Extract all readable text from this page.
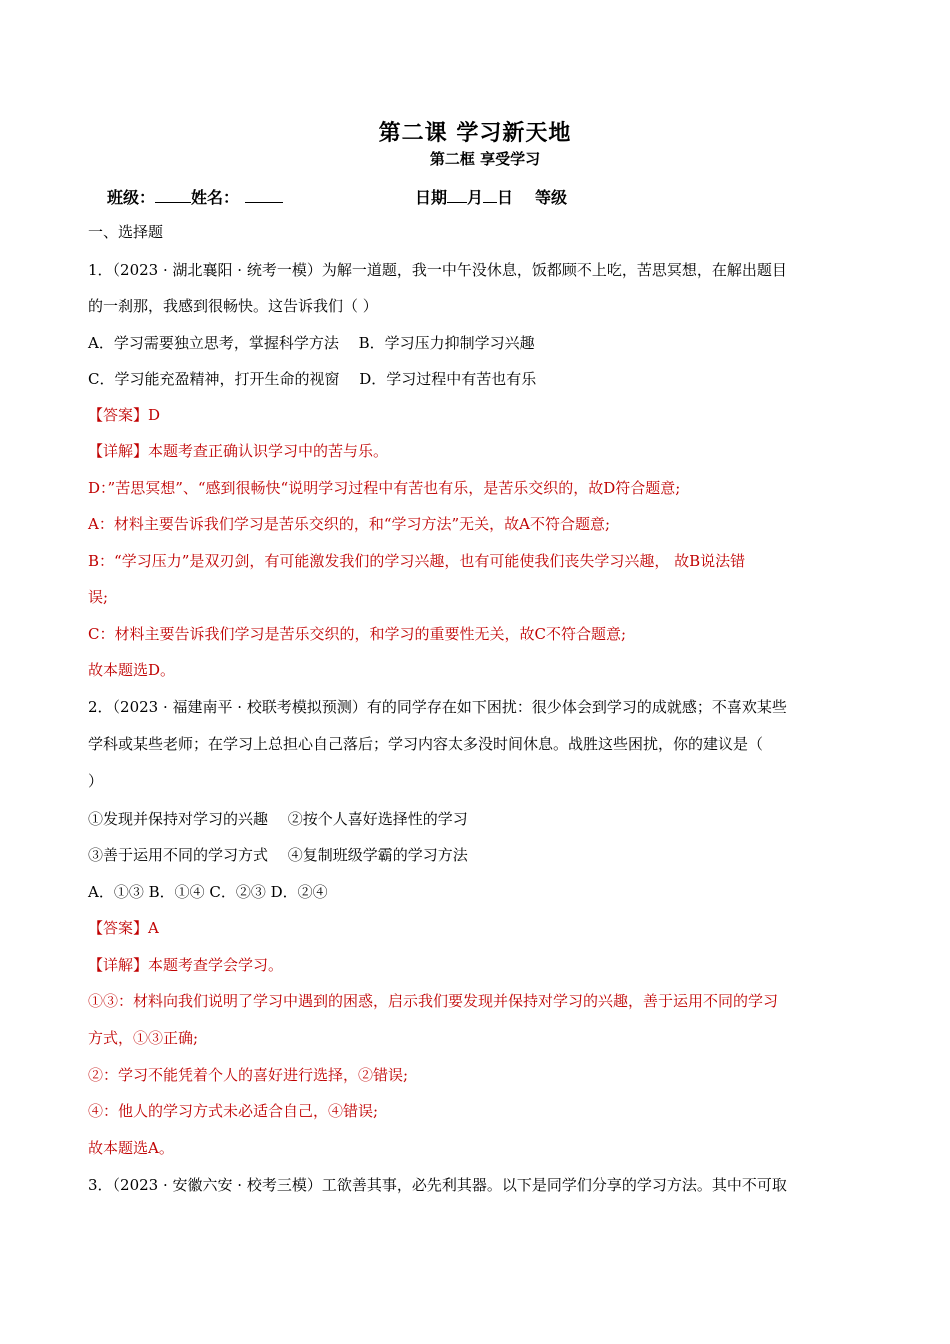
第二课 学习新天地
第二框 享受学习
班级： 姓名：	日期 月 日 等级
一、选择题
1．（2023 · 湖北襄阳 · 统考一模）为解一道题，我一中午没休息，饭都顾不上吃，苦思冥想，在解出题目
的一刹那，我感到很畅快。这告诉我们（ ）
A．学习需要独立思考，掌握科学方法　 B．学习压力抑制学习兴趣
C．学习能充盈精神，打开生命的视窗　 D．学习过程中有苦也有乐
【答案】D
【详解】本题考查正确认识学习中的苦与乐。
D：”苦思冥想”、“感到很畅快“说明学习过程中有苦也有乐，是苦乐交织的，故D符合题意;
A：材料主要告诉我们学习是苦乐交织的，和“学习方法”无关，故A不符合题意;
B：“学习压力”是双刃剑，有可能激发我们的学习兴趣，也有可能使我们丧失学习兴趣， 故B说法错
误;
C：材料主要告诉我们学习是苦乐交织的，和学习的重要性无关，故C不符合题意;
故本题选D。
2．（2023 · 福建南平 · 校联考模拟预测）有的同学存在如下困扰：很少体会到学习的成就感；不喜欢某些
学科或某些老师；在学习上总担心自己落后；学习内容太多没时间休息。战胜这些困扰，你的建议是（
）
①发现并保持对学习的兴趣　 ②按个人喜好选择性的学习
③善于运用不同的学习方式　 ④复制班级学霸的学习方法
A．①③ B．①④ C．②③ D．②④
【答案】A
【详解】本题考查学会学习。
①③：材料向我们说明了学习中遇到的困惑，启示我们要发现并保持对学习的兴趣，善于运用不同的学习
方式，①③正确;
②：学习不能凭着个人的喜好进行选择，②错误;
④：他人的学习方式未必适合自己，④错误;
故本题选A。
3．（2023 · 安徽六安 · 校考三模）工欲善其事，必先利其器。以下是同学们分享的学习方法。其中不可取
